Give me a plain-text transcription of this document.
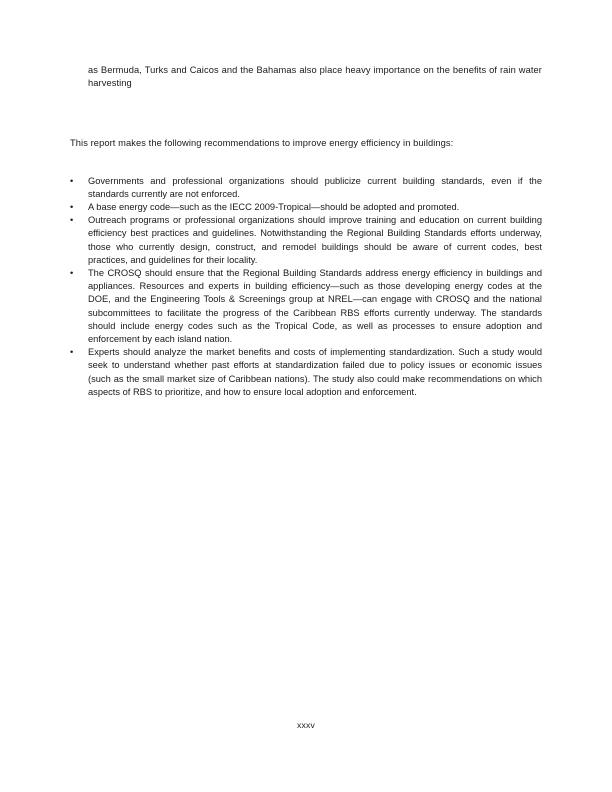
as Bermuda, Turks and Caicos and the Bahamas also place heavy importance on the benefits of rain water harvesting

This report makes the following recommendations to improve energy efficiency in buildings:

•	Governments and professional organizations should publicize current building standards, even if the standards currently are not enforced.
•	A base energy code—such as the IECC 2009-Tropical—should be adopted and promoted.
•	Outreach programs or professional organizations should improve training and education on current building efficiency best practices and guidelines. Notwithstanding the Regional Building Standards efforts underway, those who currently design, construct, and remodel buildings should be aware of current codes, best practices, and guidelines for their locality.
•	The CROSQ should ensure that the Regional Building Standards address energy efficiency in buildings and appliances. Resources and experts in building efficiency—such as those developing energy codes at the DOE, and the Engineering Tools & Screenings group at NREL—can engage with CROSQ and the national subcommittees to facilitate the progress of the Caribbean RBS efforts currently underway. The standards should include energy codes such as the Tropical Code, as well as processes to ensure adoption and enforcement by each island nation.
•	Experts should analyze the market benefits and costs of implementing standardization. Such a study would seek to understand whether past efforts at standardization failed due to policy issues or economic issues (such as the small market size of Caribbean nations). The study also could make recommendations on which aspects of RBS to prioritize, and how to ensure local adoption and enforcement.
xxxv
